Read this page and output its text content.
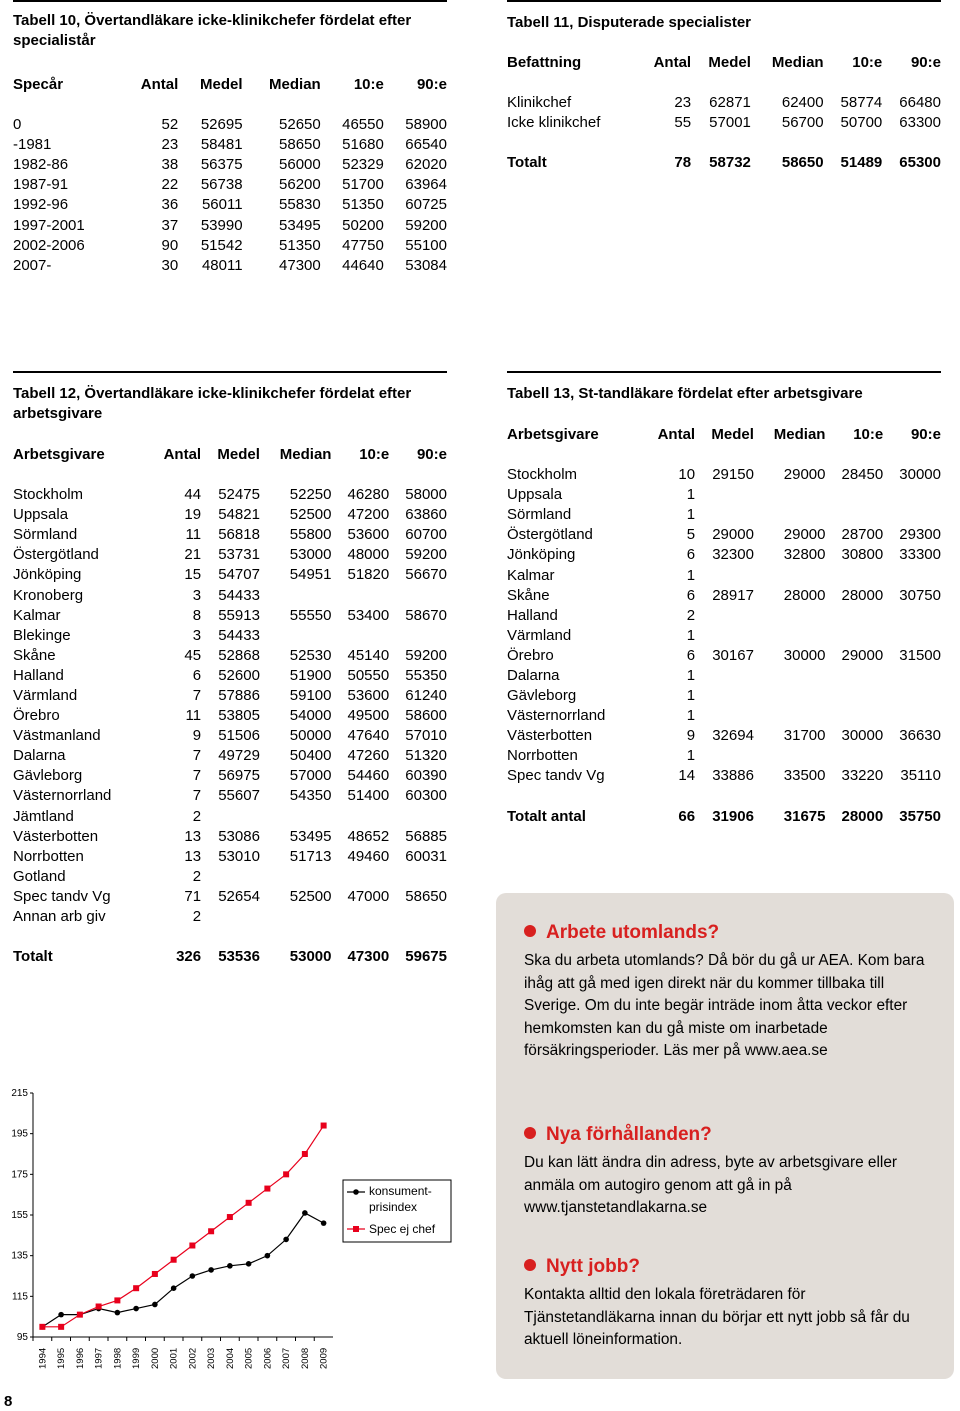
Tabell 10, Övertandläkare icke-klinikchefer fördelat efter specialistår
Specår	Antal	Medel	Median	10:e	90:e

0	52	52695	52650	46550	58900
-1981	23	58481	58650	51680	66540
1982-86	38	56375	56000	52329	62020
1987-91	22	56738	56200	51700	63964
1992-96	36	56011	55830	51350	60725
1997-2001	37	53990	53495	50200	59200
2002-2006	90	51542	51350	47750	55100
2007-	30	48011	47300	44640	53084
Tabell 11, Disputerade specialister
Befattning	Antal	Medel	Median	10:e	90:e

Klinikchef	23	62871	62400	58774	66480
Icke klinikchef	55	57001	56700	50700	63300

Totalt	78	58732	58650	51489	65300
Tabell 12, Övertandläkare icke-klinikchefer fördelat efter arbetsgivare
Arbetsgivare	Antal	Medel	Median	10:e	90:e

Stockholm	44	52475	52250	46280	58000
Uppsala	19	54821	52500	47200	63860
Sörmland	11	56818	55800	53600	60700
Östergötland	21	53731	53000	48000	59200
Jönköping	15	54707	54951	51820	56670
Kronoberg	3	54433			
Kalmar	8	55913	55550	53400	58670
Blekinge	3	54433			
Skåne	45	52868	52530	45140	59200
Halland	6	52600	51900	50550	55350
Värmland	7	57886	59100	53600	61240
Örebro	11	53805	54000	49500	58600
Västmanland	9	51506	50000	47640	57010
Dalarna	7	49729	50400	47260	51320
Gävleborg	7	56975	57000	54460	60390
Västernorrland	7	55607	54350	51400	60300
Jämtland	2				
Västerbotten	13	53086	53495	48652	56885
Norrbotten	13	53010	51713	49460	60031
Gotland	2				
Spec tandv Vg	71	52654	52500	47000	58650
Annan arb giv	2				

Totalt	326	53536	53000	47300	59675
Tabell 13, St-tandläkare fördelat efter arbetsgivare
Arbetsgivare	Antal	Medel	Median	10:e	90:e

Stockholm	10	29150	29000	28450	30000
Uppsala	1				
Sörmland	1				
Östergötland	5	29000	29000	28700	29300
Jönköping	6	32300	32800	30800	33300
Kalmar	1				
Skåne	6	28917	28000	28000	30750
Halland	2				
Värmland	1				
Örebro	6	30167	30000	29000	31500
Dalarna	1				
Gävleborg	1				
Västernorrland	1				
Västerbotten	9	32694	31700	30000	36630
Norrbotten	1				
Spec tandv Vg	14	33886	33500	33220	35110

Totalt antal	66	31906	31675	28000	35750
Arbete utomlands?
Ska du arbeta utomlands? Då bör du gå ur AEA. Kom bara ihåg att gå med igen direkt när du kommer tillbaka till Sverige. Om du inte begär inträde inom åtta veckor efter hemkomsten kan du gå miste om inarbetade försäkringsperioder. Läs mer på www.aea.se
Nya förhållanden?
Du kan lätt ändra din adress, byte av arbetsgivare eller anmäla om autogiro genom att gå in på www.tjanstetandlakarna.se
Nytt jobb?
Kontakta alltid den lokala företrädaren för Tjänstetandläkarna innan du börjar ett nytt jobb så får du aktuell löneinformation.
95
115
135
155
175
195
215
1994 1995 1996 1997 1998 1999 2000 2001 2002 2003 2004 2005 2006 2007 2008 2009
konsument-
prisindex
Spec ej chef
8
